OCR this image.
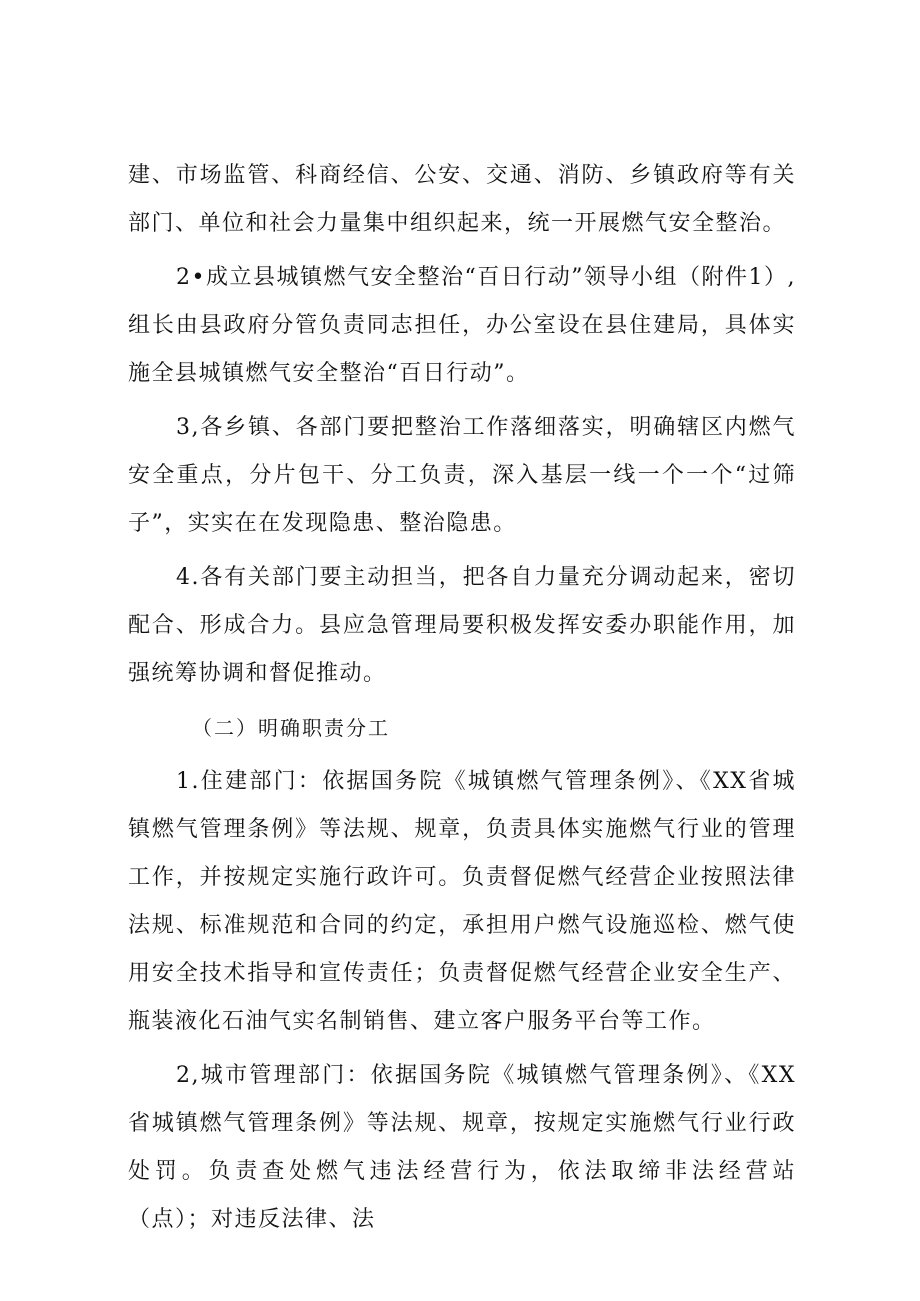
建、市场监管、科商经信、公安、交通、消防、乡镇政府等有关部门、单位和社会力量集中组织起来，统一开展燃气安全整治。

2•成立县城镇燃气安全整治“百日行动”领导小组（附件1）,组长由县政府分管负责同志担任，办公室设在县住建局，具体实施全县城镇燃气安全整治“百日行动”。

3,各乡镇、各部门要把整治工作落细落实，明确辖区内燃气安全重点，分片包干、分工负责，深入基层一线一个一个“过筛子”，实实在在发现隐患、整治隐患。

4.各有关部门要主动担当，把各自力量充分调动起来，密切配合、形成合力。县应急管理局要积极发挥安委办职能作用，加强统筹协调和督促推动。

（二）明确职责分工

1.住建部门：依据国务院《城镇燃气管理条例》、《XX省城镇燃气管理条例》等法规、规章，负责具体实施燃气行业的管理工作，并按规定实施行政许可。负责督促燃气经营企业按照法律法规、标准规范和合同的约定，承担用户燃气设施巡检、燃气使用安全技术指导和宣传责任；负责督促燃气经营企业安全生产、瓶装液化石油气实名制销售、建立客户服务平台等工作。

2,城市管理部门：依据国务院《城镇燃气管理条例》、《XX省城镇燃气管理条例》等法规、规章，按规定实施燃气行业行政处罚。负责查处燃气违法经营行为，依法取缔非法经营站（点）；对违反法律、法
